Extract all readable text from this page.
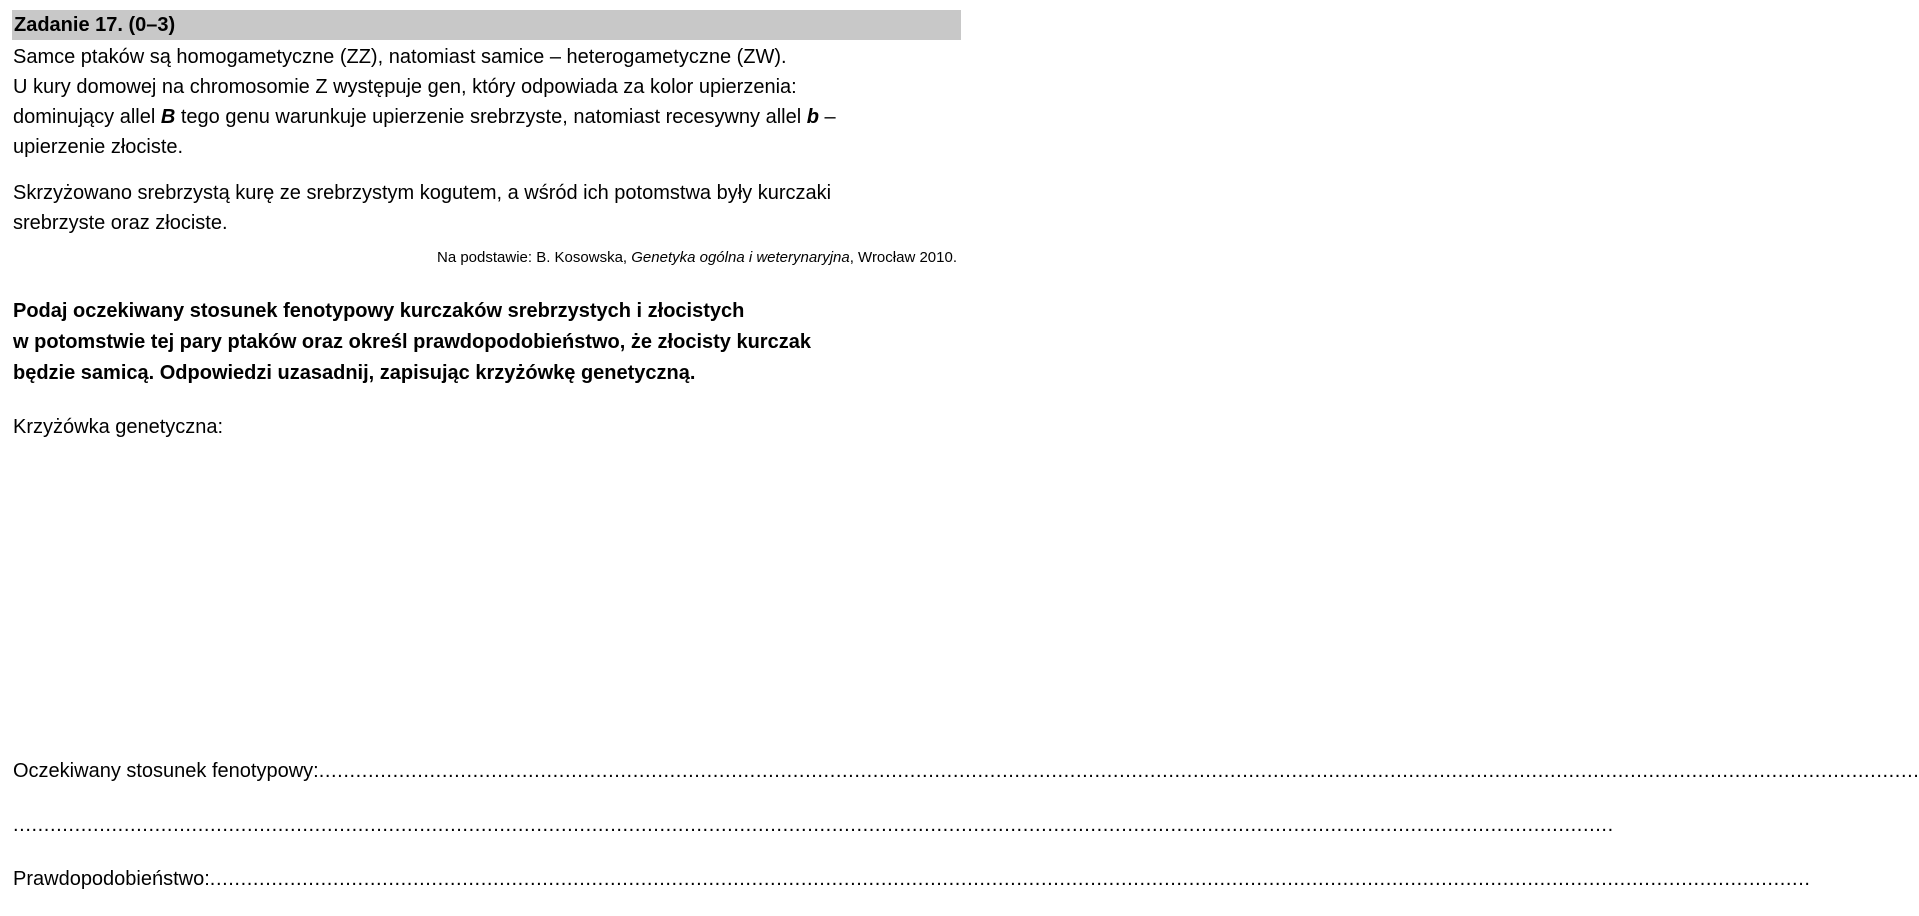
Zadanie 17. (0–3)
Samce ptaków są homogametyczne (ZZ), natomiast samice – heterogametyczne (ZW).
U kury domowej na chromosomie Z występuje gen, który odpowiada za kolor upierzenia:
dominujący allel B tego genu warunkuje upierzenie srebrzyste, natomiast recesywny allel b –
upierzenie złociste.
Skrzyżowano srebrzystą kurę ze srebrzystym kogutem, a wśród ich potomstwa były kurczaki
srebrzyste oraz złociste.
Na podstawie: B. Kosowska, Genetyka ogólna i weterynaryjna, Wrocław 2010.
Podaj oczekiwany stosunek fenotypowy kurczaków srebrzystych i złocistych
w potomstwie tej pary ptaków oraz określ prawdopodobieństwo, że złocisty kurczak
będzie samicą. Odpowiedzi uzasadnij, zapisując krzyżówkę genetyczną.
Krzyżówka genetyczna:
Oczekiwany stosunek fenotypowy: ....................................................................................................................................................................................................................................................................
....................................................................................................................................................................................................................................................................
Prawdopodobieństwo: ....................................................................................................................................................................................................................................................................
